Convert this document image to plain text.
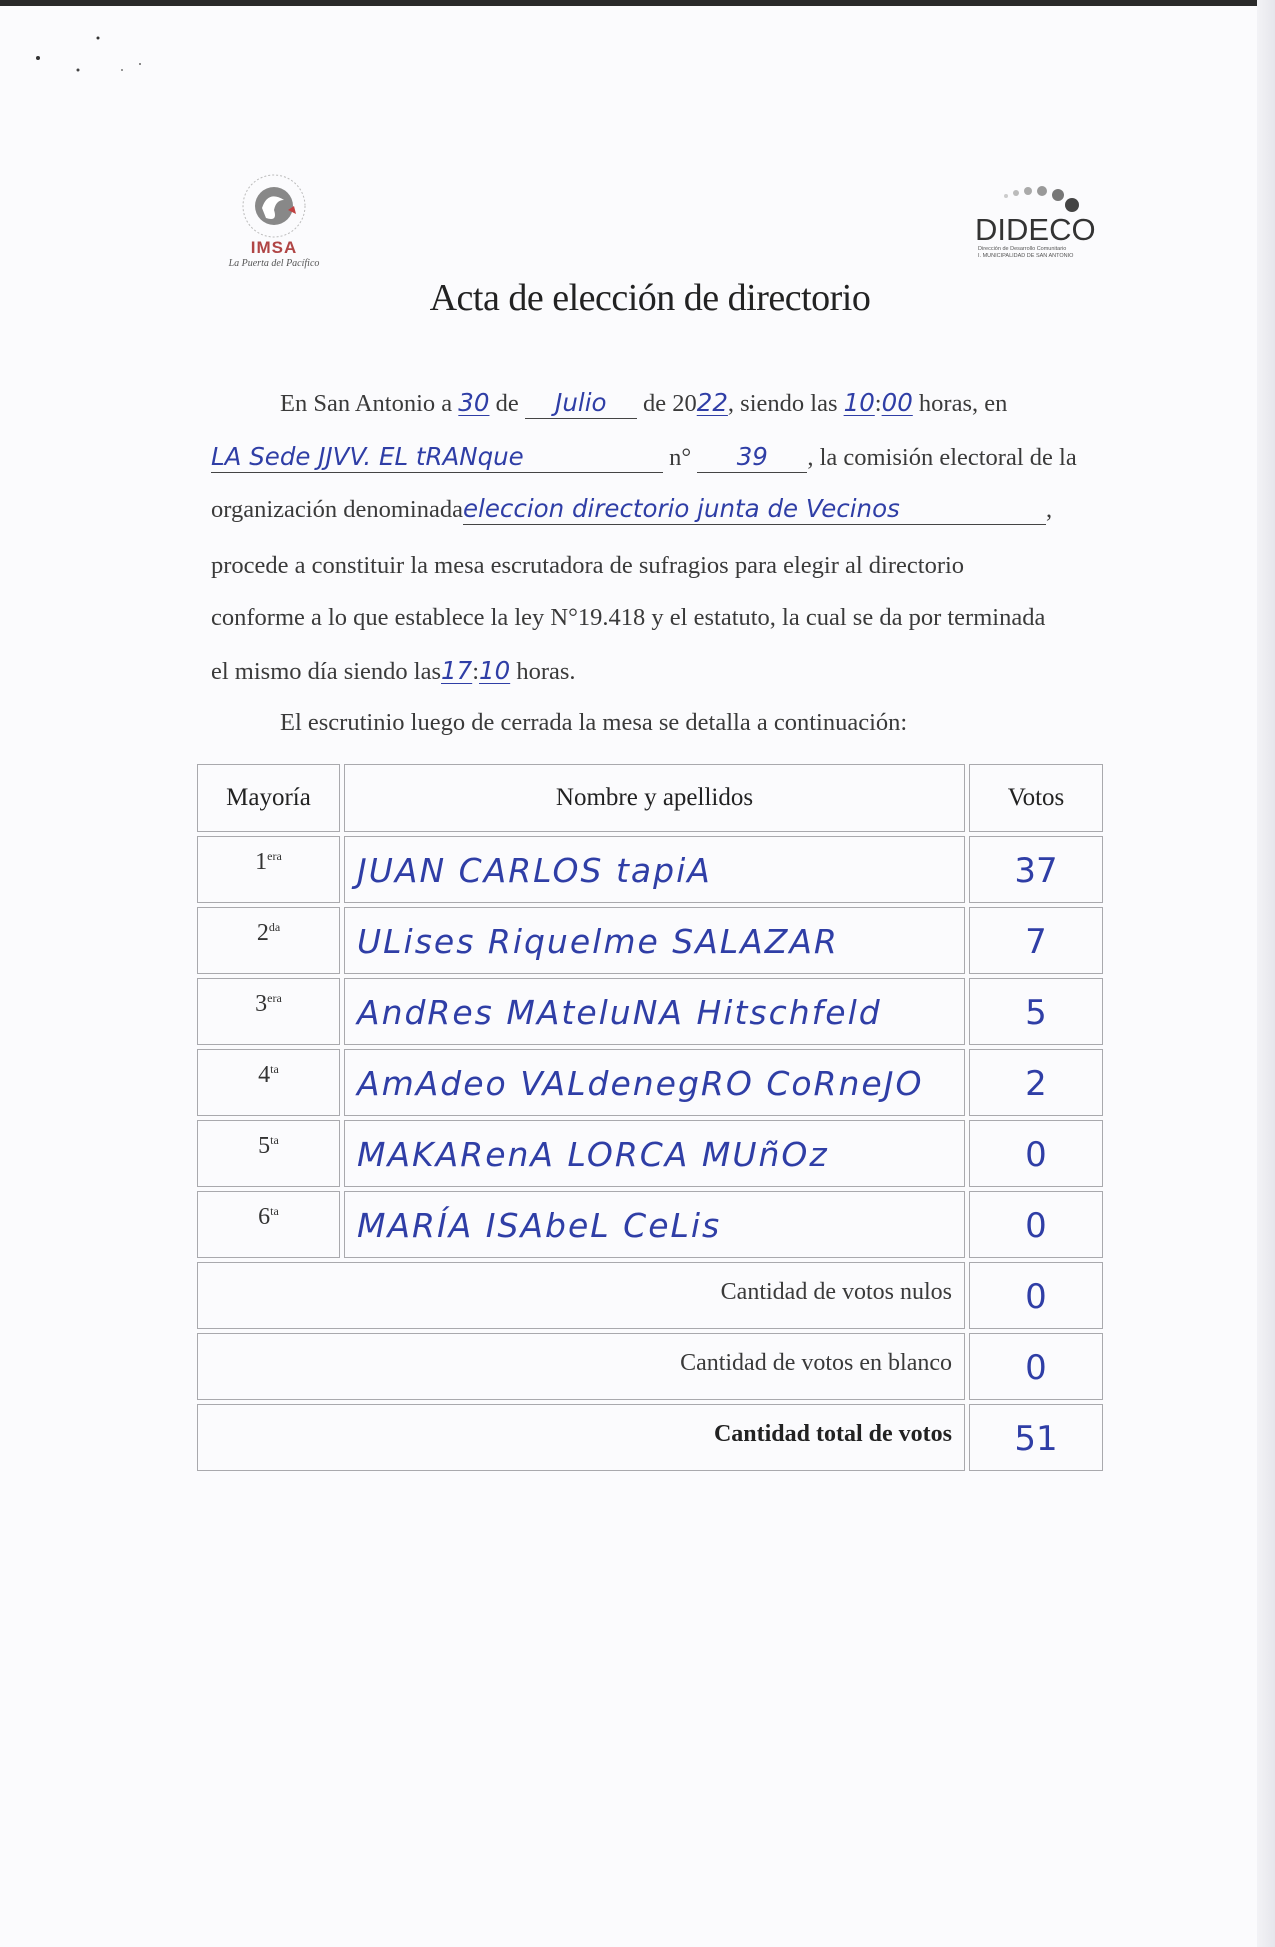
IMSA
La Puerta del Pacífico
DIDECO
Dirección de Desarrollo Comunitario
I. MUNICIPALIDAD DE SAN ANTONIO
Acta de elección de directorio
En San Antonio a 30 de Julio de 2022, siendo las 10:00 horas, en
LA Sede JJVV. EL tRANque	n° 39 , la comisión electoral de la
organización denominadaeleccion directorio junta de Vecinos	,
procede a constituir la mesa escrutadora de sufragios para elegir al directorio
conforme a lo que establece la ley N°19.418 y el estatuto, la cual se da por terminada
el mismo día siendo las17:10 horas.
El escrutinio luego de cerrada la mesa se detalla a continuación:
Mayoría	Nombre y apellidos	Votos
$1^{era}$	JUAN CARLOS tapiA	37
$2^{da}$	ULises Riquelme SALAZAR	7
$3^{era}$	AndRes MAteluNA Hitschfeld	5
$4^{ta}$	AmAdeo VALdenegRO CoRneJO	2
$5^{ta}$	MAKARenA LORCA MUñOz	0
$6^{ta}$	MARÍA ISAbeL CeLis	0
Cantidad de votos nulos	0
Cantidad de votos en blanco	0
Cantidad total de votos	51
